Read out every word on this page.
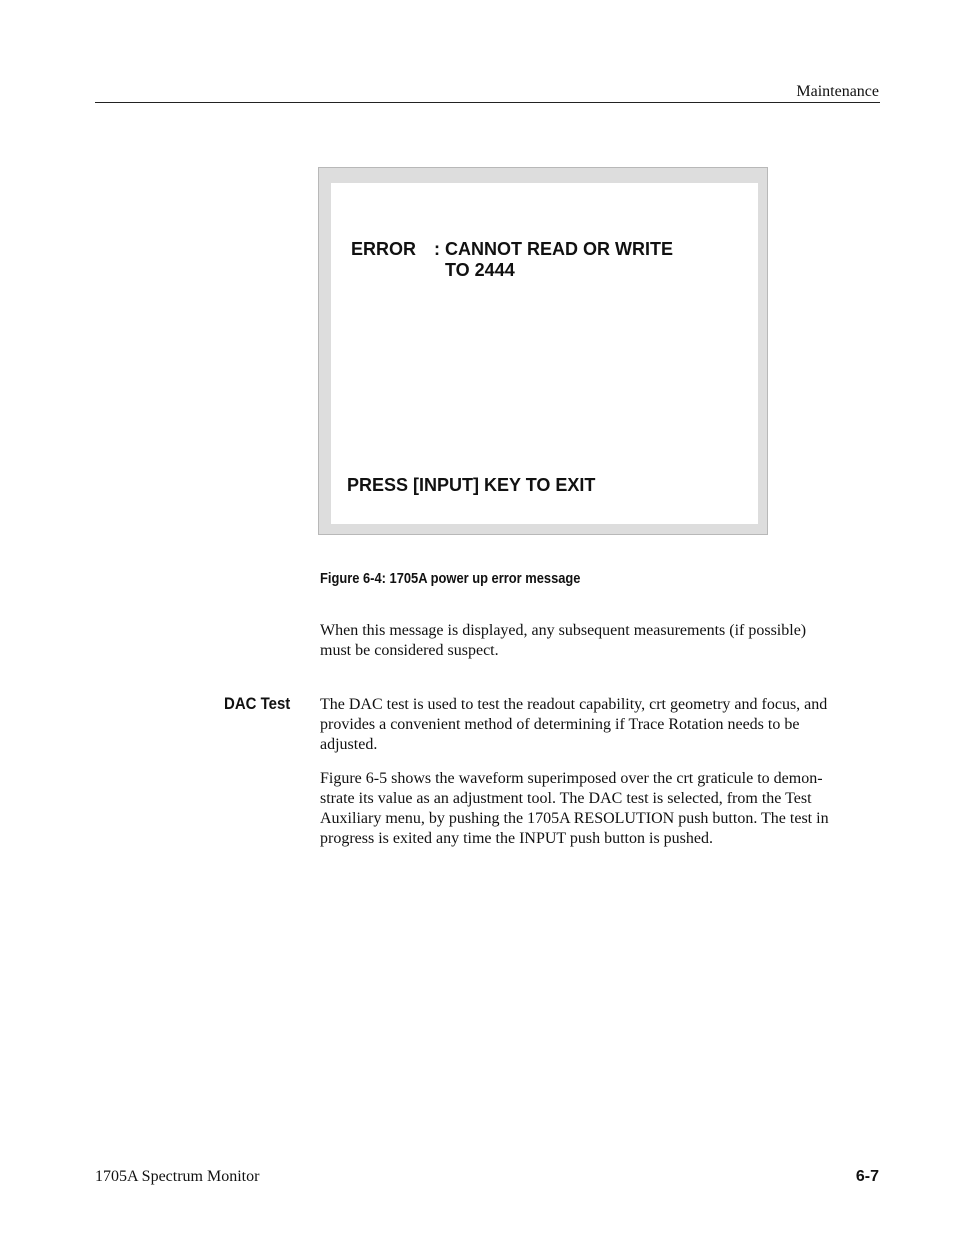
Maintenance
ERROR : CANNOT READ OR WRITE
TO 2444
PRESS [INPUT] KEY TO EXIT
Figure 6-4: 1705A power up error message

When this message is displayed, any subsequent measurements (if possible)
must be considered suspect.

DAC Test The DAC test is used to test the readout capability, crt geometry and focus, and
provides a convenient method of determining if Trace Rotation needs to be
adjusted.

Figure 6-5 shows the waveform superimposed over the crt graticule to demon-
strate its value as an adjustment tool. The DAC test is selected, from the Test
Auxiliary menu, by pushing the 1705A RESOLUTION push button. The test in
progress is exited any time the INPUT push button is pushed.

1705A Spectrum Monitor	6-7
